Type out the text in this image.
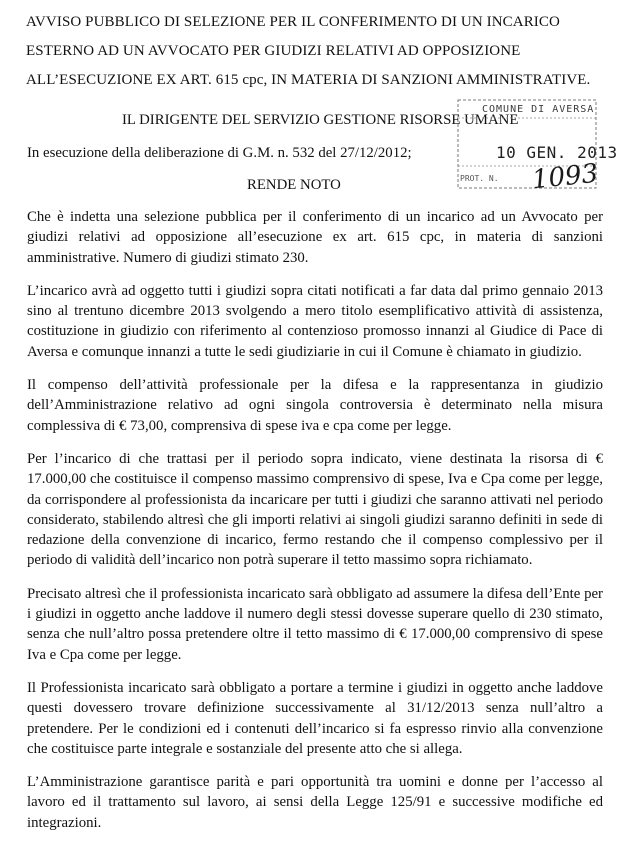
AVVISO PUBBLICO DI SELEZIONE PER IL CONFERIMENTO DI UN INCARICO
ESTERNO AD UN AVVOCATO PER GIUDIZI RELATIVI AD OPPOSIZIONE
ALL’ESECUZIONE EX ART. 615 cpc, IN MATERIA DI SANZIONI AMMINISTRATIVE.
IL DIRIGENTE DEL SERVIZIO GESTIONE RISORSE UMANE
COMUNE DI AVERSA
10 GEN. 2013
PROT. N. 1093
In esecuzione della deliberazione di G.M. n. 532 del 27/12/2012;
RENDE NOTO

Che è indetta una selezione pubblica per il conferimento di un incarico ad un Avvocato per giudizi relativi ad opposizione all’esecuzione ex art. 615 cpc, in materia di sanzioni amministrative. Numero di giudizi stimato 230.

L’incarico avrà ad oggetto tutti i giudizi sopra citati notificati a far data dal primo gennaio 2013 sino al trentuno dicembre 2013 svolgendo a mero titolo esemplificativo attività di assistenza, costituzione in giudizio con riferimento al contenzioso promosso innanzi al Giudice di Pace di Aversa e comunque innanzi a tutte le sedi giudiziarie in cui il Comune è chiamato in giudizio.

Il compenso dell’attività professionale per la difesa e la rappresentanza in giudizio dell’Amministrazione relativo ad ogni singola controversia è determinato nella misura complessiva di € 73,00, comprensiva di spese iva e cpa come per legge.

Per l’incarico di che trattasi per il periodo sopra indicato, viene destinata la risorsa di € 17.000,00 che costituisce il compenso massimo comprensivo di spese, Iva e Cpa come per legge, da corrispondere al professionista da incaricare per tutti i giudizi che saranno attivati nel periodo considerato, stabilendo altresì che gli importi relativi ai singoli giudizi saranno definiti in sede di redazione della convenzione di incarico, fermo restando che il compenso complessivo per il periodo di validità dell’incarico non potrà superare il tetto massimo sopra richiamato.

Precisato altresì che il professionista incaricato sarà obbligato ad assumere la difesa dell’Ente per i giudizi in oggetto anche laddove il numero degli stessi dovesse superare quello di 230 stimato, senza che null’altro possa pretendere oltre il tetto massimo di € 17.000,00 comprensivo di spese Iva e Cpa come per legge.

Il Professionista incaricato sarà obbligato a portare a termine i giudizi in oggetto anche laddove questi dovessero trovare definizione successivamente al 31/12/2013 senza null’altro a pretendere. Per le condizioni ed i contenuti dell’incarico si fa espresso rinvio alla convenzione che costituisce parte integrale e sostanziale del presente atto che si allega.

L’Amministrazione garantisce parità e pari opportunità tra uomini e donne per l’accesso al lavoro ed il trattamento sul lavoro, ai sensi della Legge 125/91 e successive modifiche ed integrazioni.
